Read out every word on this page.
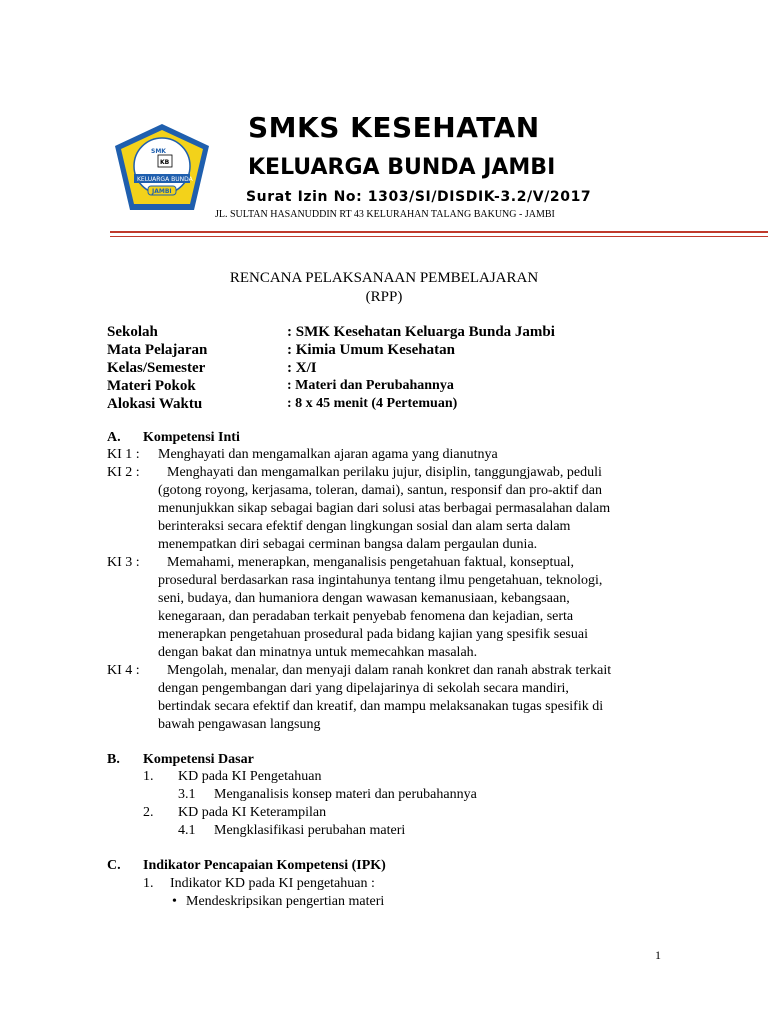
SMK
KB
KELUARGA BUNDA
JAMBI
SMKS KESEHATAN
KELUARGA BUNDA JAMBI
Surat Izin No: 1303/SI/DISDIK-3.2/V/2017
JL. SULTAN HASANUDDIN RT 43 KELURAHAN TALANG BAKUNG - JAMBI
RENCANA PELAKSANAAN PEMBELAJARAN
(RPP)
Sekolah	: SMK Kesehatan Keluarga Bunda Jambi
Mata Pelajaran	: Kimia Umum Kesehatan
Kelas/Semester	: X/I
Materi Pokok	: Materi dan Perubahannya
Alokasi Waktu	: 8 x 45 menit (4 Pertemuan)
A. Kompetensi Inti
KI 1 : Menghayati dan mengamalkan ajaran agama yang dianutnya
KI 2 : Menghayati dan mengamalkan perilaku jujur, disiplin, tanggungjawab, peduli
(gotong royong, kerjasama, toleran, damai), santun, responsif dan pro-aktif dan
menunjukkan sikap sebagai bagian dari solusi atas berbagai permasalahan dalam
berinteraksi secara efektif dengan lingkungan sosial dan alam serta dalam
menempatkan diri sebagai cerminan bangsa dalam pergaulan dunia.
KI 3 : Memahami, menerapkan, menganalisis pengetahuan faktual, konseptual,
prosedural berdasarkan rasa ingintahunya tentang ilmu pengetahuan, teknologi,
seni, budaya, dan humaniora dengan wawasan kemanusiaan, kebangsaan,
kenegaraan, dan peradaban terkait penyebab fenomena dan kejadian, serta
menerapkan pengetahuan prosedural pada bidang kajian yang spesifik sesuai
dengan bakat dan minatnya untuk memecahkan masalah.
KI 4 : Mengolah, menalar, dan menyaji dalam ranah konkret dan ranah abstrak terkait
dengan pengembangan dari yang dipelajarinya di sekolah secara mandiri,
bertindak secara efektif dan kreatif, dan mampu melaksanakan tugas spesifik di
bawah pengawasan langsung
B. Kompetensi Dasar
1. KD pada KI Pengetahuan
3.1 Menganalisis konsep materi dan perubahannya
2. KD pada KI Keterampilan
4.1 Mengklasifikasi perubahan materi
C. Indikator Pencapaian Kompetensi (IPK)
1. Indikator KD pada KI pengetahuan :
• Mendeskripsikan pengertian materi
1
